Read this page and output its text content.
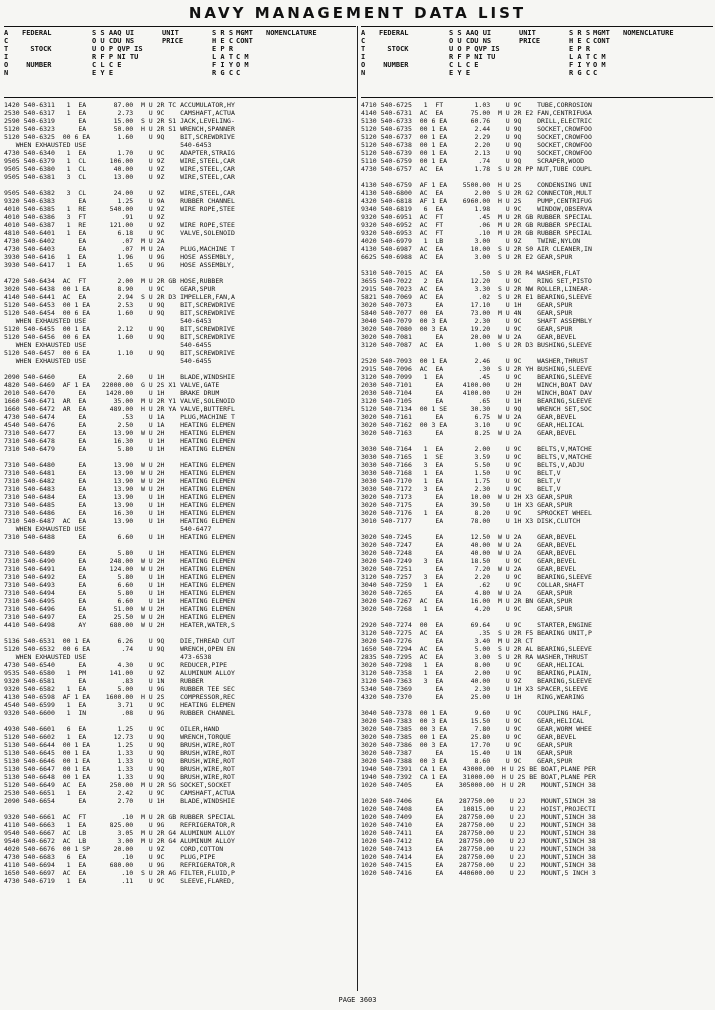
NAVY MANAGEMENT DATA LIST
A
C
T
I
O
N
FEDERAL

STOCK

NUMBER
S S AAQ UI
O U CDU NS
U O P QVP IS
R F P NI TU
C L C E
E Y E
UNIT
PRICE
S R S
H E C
E P R
L A T
F I Y
R G C
MGMT
CONT

C M
O M
C
NOMENCLATURE
1420 540-6311   1  EA       87.00  M U 2R TC ACCUMULATOR,HY
2530 540-6317   1  EA        2.73    U 9C    CAMSHAFT,ACTUA
2590 540-6319      EA       15.00  S U 2R S1 JACK,LEVELING-
5120 540-6323      EA       50.00  H U 2R S1 WRENCH,SPANNER
5120 540-6325  00 6 EA       1.60    U 9Q    BIT,SCREWDRIVE
WHEN EXHAUSTED USE                        540-6453
4730 540-6340   1  EA        1.70    U 9C    ADAPTER,STRAIG
9505 540-6379   1  CL      106.00    U 9Z    WIRE,STEEL,CAR
9505 540-6380   1  CL       40.00    U 9Z    WIRE,STEEL,CAR
9505 540-6381   3  CL       13.00    U 9Z    WIRE,STEEL,CAR
9505 540-6382   3  CL       24.00    U 9Z    WIRE,STEEL,CAR
9320 540-6383      EA        1.25    U 9A    RUBBER CHANNEL
4010 540-6385   1  RE      540.00    U 9Z    WIRE ROPE,STEE
4010 540-6386   3  FT         .91    U 9Z
4010 540-6387   1  RE      121.00    U 9Z    WIRE ROPE,STEE
4810 540-6401   1  EA        6.18    U 9C    VALVE,SOLENOID
4730 540-6402      EA         .07  M U 2A
4730 540-6403      EA         .07  M U 2A    PLUG,MACHINE T
3930 540-6416   1  EA        1.96    U 9G    HOSE ASSEMBLY,
3930 540-6417   1  EA        1.65    U 9G    HOSE ASSEMBLY,
4720 540-6434  AC  FT        2.00  M U 2R GB HOSE,RUBBER
3020 540-6438  00 1 EA       8.90    U 9C    GEAR,SPUR
4140 540-6441  AC  EA        2.94  S U 2R D3 IMPELLER,FAN,A
5120 540-6453  00 1 EA       2.53    U 9Q    BIT,SCREWDRIVE
5120 540-6454  00 6 EA       1.60    U 9Q    BIT,SCREWDRIVE
WHEN EXHAUSTED USE                        540-6453
5120 540-6455  00 1 EA       2.12    U 9Q    BIT,SCREWDRIVE
5120 540-6456  00 6 EA       1.60    U 9Q    BIT,SCREWDRIVE
WHEN EXHAUSTED USE                        540-6455
5120 540-6457  00 6 EA       1.10    U 9Q    BIT,SCREWDRIVE
WHEN EXHAUSTED USE                        540-6455
2090 540-6460      EA        2.60    U 1H    BLADE,WINDSHIE
4820 540-6469  AF 1 EA   22000.00  G U 2S X1 VALVE,GATE
2010 540-6470      EA     1420.00    U 1H    BRAKE DRUM
1660 540-6471  AR  EA       35.00  M U 2R Y1 VALVE,SOLENOID
1660 540-6472  AR  EA      489.00  H U 2R YA VALVE,BUTTERFL
4730 540-6474      EA         .53    U 1A    PLUG,MACHINE T
4540 540-6476      EA        2.50    U 1A    HEATING ELEMEN
7310 540-6477      EA       13.90  W U 2H    HEATING ELEMEN
7310 540-6478      EA       16.30    U 1H    HEATING ELEMEN
7310 540-6479      EA        5.80    U 1H    HEATING ELEMEN
7310 540-6480      EA       13.90  W U 2H    HEATING ELEMEN
7310 540-6481      EA       13.90  W U 2H    HEATING ELEMEN
7310 540-6482      EA       13.90  W U 2H    HEATING ELEMEN
7310 540-6483      EA       13.90  W U 2H    HEATING ELEMEN
7310 540-6484      EA       13.90    U 1H    HEATING ELEMEN
7310 540-6485      EA       13.90    U 1H    HEATING ELEMEN
7310 540-6486      EA       16.30    U 1H    HEATING ELEMEN
7310 540-6487  AC  EA       13.90    U 1H    HEATING ELEMEN
WHEN EXHAUSTED USE                        540-6477
7310 540-6488      EA        6.60    U 1H    HEATING ELEMEN
7310 540-6489      EA        5.80    U 1H    HEATING ELEMEN
7310 540-6490      EA      248.00  W U 2H    HEATING ELEMEN
7310 540-6491      EA      124.00  W U 2H    HEATING ELEMEN
7310 540-6492      EA        5.80    U 1H    HEATING ELEMEN
7310 540-6493      EA        6.60    U 1H    HEATING ELEMEN
7310 540-6494      EA        5.80    U 1H    HEATING ELEMEN
7310 540-6495      EA        6.60    U 1H    HEATING ELEMEN
7310 540-6496      EA       51.00  W U 2H    HEATING ELEMEN
7310 540-6497      EA       25.50  W U 2H    HEATING ELEMEN
4410 540-6498      AY      680.00  W U 2H    HEATER,WATER,S
5136 540-6531  00 1 EA       6.26    U 9Q    DIE,THREAD CUT
5120 540-6532  00 6 EA        .74    U 9Q    WRENCH,OPEN EN
WHEN EXHAUSTED USE                        473-6538
4730 540-6540      EA        4.30    U 9C    REDUCER,PIPE
9535 540-6580   1  PM      141.00    U 9Z    ALUMINUM ALLOY
9320 540-6581      EA         .83    U 1N    RUBBER
9320 540-6582   1  EA        5.00    U 9G    RUBBER TEE SEC
4130 540-6598  AF 1 EA    1600.00  H U 2S    COMPRESSOR,REC
4540 540-6599   1  EA        3.71    U 9C    HEATING ELEMEN
9320 540-6600   1  IN         .08    U 9G    RUBBER CHANNEL
4930 540-6601   6  EA        1.25    U 9C    OILER,HAND
5120 540-6602   1  EA       12.73    U 9Q    WRENCH,TORQUE
5130 540-6644  00 1 EA       1.25    U 9Q    BRUSH,WIRE,ROT
5130 540-6645  00 1 EA       1.33    U 9Q    BRUSH,WIRE,ROT
5130 540-6646  00 1 EA       1.33    U 9Q    BRUSH,WIRE,ROT
5130 540-6647  00 1 EA       1.33    U 9Q    BRUSH,WIRE,ROT
5130 540-6648  00 1 EA       1.33    U 9Q    BRUSH,WIRE,ROT
5120 540-6649  AC  EA      250.00  M U 2R SG SOCKET,SOCKET
2530 540-6651   1  EA        2.42    U 9C    CAMSHAFT,ACTUA
2090 540-6654      EA        2.70    U 1H    BLADE,WINDSHIE
9320 540-6661  AC  FT         .10  M U 2R GB RUBBER SPECIAL
4110 540-6663   1  EA      825.00    U 9G    REFRIGERATOR,R
9540 540-6667  AC  LB        3.05  M U 2R G4 ALUMINUM ALLOY
9540 540-6672  AC  LB        3.00  M U 2R G4 ALUMINUM ALLOY
4020 540-6676  00 1 SP      20.00    U 9Z    CORD,COTTON
4730 540-6683   6  EA         .10    U 9C    PLUG,PIPE
4110 540-6694   1  EA      680.00    U 9G    REFRIGERATOR,R
1650 540-6697  AC  EA         .10  S U 2R AG FILTER,FLUID,P
4730 540-6719   1  EA         .11    U 9C    SLEEVE,FLARED,
A
C
T
I
O
N
FEDERAL

STOCK

NUMBER
S S AAQ UI
O U CDU NS
U O P QVP IS
R F P NI TU
C L C E
E Y E
UNIT
PRICE
S R S
H E C
E P R
L A T
F I Y
R G C
MGMT
CONT

C M
O M
C
NOMENCLATURE
4710 540-6725   1  FT        1.03    U 9C    TUBE,CORROSION
4140 540-6731  AC  EA       75.00  M U 2R E2 FAN,CENTRIFUGA
5130 540-6733  00 6 EA      60.76    U 9Q    DRILL,ELECTRIC
5120 540-6735  00 1 EA       2.44    U 9Q    SOCKET,CROWFOO
5120 540-6737  00 1 EA       2.29    U 9Q    SOCKET,CROWFOO
5120 540-6738  00 1 EA       2.20    U 9Q    SOCKET,CROWFOO
5120 540-6739  00 1 EA       2.13    U 9Q    SOCKET,CROWFOO
5110 540-6759  00 1 EA        .74    U 9Q    SCRAPER,WOOD
4730 540-6757  AC  EA        1.78  S U 2R PP NUT,TUBE COUPL
4130 540-6759  AF 1 EA    5500.00  H U 2S    CONDENSING UNI
4130 540-6800  AC  EA        2.00  S U 2R G2 CONNECTOR,MULT
4320 540-6818  AF 1 EA    6960.00  H U 2S    PUMP,CENTRIFUG
9340 540-6819   6  EA        1.98    U 9C    WINDOW,OBSERVA
9320 540-6951  AC  FT         .45  M U 2R GB RUBBER SPECIAL
9320 540-6952  AC  FT         .06  M U 2R GB RUBBER SPECIAL
9320 540-6953  AC  FT         .10  M U 2R GB RUBBER SPECIAL
4020 540-6979   1  LB        3.00    U 9Z    TWINE,NYLON
4130 540-6987  AC  EA       10.00  S U 2R S0 AIR CLEANER,IN
6625 540-6988  AC  EA        3.00  S U 2R E2 GEAR,SPUR
5310 540-7015  AC  EA         .50  S U 2R R4 WASHER,FLAT
3655 540-7022   2  EA       12.20    U 9C    RING SET,PISTO
2915 540-7023  AC  EA        3.30  S U 2R NW ROLLER,LINEAR-
5821 540-7069  AC  EA         .02  S U 2R E1 BEARING,SLEEVE
3020 540-7073      EA       17.10    U 1H    GEAR,SPUR
5840 540-7077  00  EA       73.00  M U 4N    GEAR,SPUR
3040 540-7079  00 3 EA       2.30    U 9C    SHAFT ASSEMBLY
3020 540-7080  00 3 EA      19.20    U 9C    GEAR,SPUR
3020 540-7081      EA       20.00  W U 2A    GEAR,BEVEL
3120 540-7087  AC  EA        1.00  S U 2R D3 BUSHING,SLEEVE
2520 540-7093  00 1 EA       2.46    U 9C    WASHER,THRUST
2915 540-7096  AC  EA         .30  S U 2R YH BUSHING,SLEEVE
3120 540-7099   1  EA         .45    U 9C    BEARING,SLEEVE
2030 540-7101      EA     4100.00    U 2H    WINCH,BOAT DAV
2030 540-7104      EA     4100.00    U 2H    WINCH,BOAT DAV
3120 540-7105      EA         .65    U 1H    BEARING,SLEEVE
5120 540-7134  00 1 SE      30.30    U 9Q    WRENCH SET,SOC
3020 540-7161      EA        6.75  W U 2A    GEAR,BEVEL
3020 540-7162  00 3 EA       3.10    U 9C    GEAR,HELICAL
3020 540-7163      EA        8.25  W U 2A    GEAR,BEVEL
3030 540-7164   1  EA        2.00    U 9C    BELTS,V,MATCHE
3030 540-7165   1  SE        3.59    U 9C    BELTS,V,MATCHE
3030 540-7166   3  EA        5.50    U 9C    BELTS,V,ADJU
3030 540-7168   1  EA        1.50    U 9C    BELT,V
3030 540-7170   1  EA        1.75    U 9C    BELT,V
3030 540-7172   3  EA        2.30    U 9C    BELT,V
3020 540-7173      EA       10.00  W U 2H X3 GEAR,SPUR
3020 540-7175      EA       39.50    U 1H X3 GEAR,SPUR
3020 540-7176   1  EA        8.20    U 9C    SPROCKET WHEEL
3010 540-7177      EA       78.00    U 1H X3 DISK,CLUTCH
3020 540-7245      EA       12.50  W U 2A    GEAR,BEVEL
3020 540-7247      EA       40.00  W U 2A    GEAR,BEVEL
3020 540-7248      EA       40.00  W U 2A    GEAR,BEVEL
3020 540-7249   3  EA       18.50    U 9C    GEAR,BEVEL
3020 540-7251      EA        7.20  W U 2A    GEAR,BEVEL
3120 540-7257   3  EA        2.20    U 9C    BEARING,SLEEVE
3040 540-7259   1  EA         .62    U 9C    COLLAR,SHAFT
3020 540-7265      EA        4.80  W U 2A    GEAR,SPUR
3020 540-7267  AC  EA       16.00  M U 2R BN GEAR,SPUR
3020 540-7268   1  EA        4.20    U 9C    GEAR,SPUR
2920 540-7274  00  EA       69.64    U 9C    STARTER,ENGINE
3120 540-7275  AC  EA         .35  S U 2R F5 BEARING UNIT,P
3020 540-7276      EA        3.40  M U 2R CT
1650 540-7294  AC  EA        5.00  S U 2R AL BEARING,SLEEVE
2835 540-7295  AC  EA        3.00  S U 2R RA WASHER,THRUST
3020 540-7298   1  EA        8.00    U 9C    GEAR,HELICAL
3120 540-7358   1  EA        2.00    U 9C    BEARING,PLAIN,
3120 540-7363   3  EA       40.00    U 9Z    BEARING,SLEEVE
5340 540-7369      EA        2.30    U 1H X3 SPACER,SLEEVE
4320 540-7370      EA       25.00    U 1H    RING,WEARING
3040 540-7378  00 1 EA       9.60    U 9C    COUPLING HALF,
3020 540-7383  00 3 EA      15.50    U 9C    GEAR,HELICAL
3020 540-7385  00 3 EA       7.80    U 9C    GEAR,WORM WHEE
3020 540-7385  00 1 EA      25.80    U 9C    GEAR,BEVEL
3020 540-7386  00 3 EA      17.70    U 9C    GEAR,SPUR
3020 540-7387      EA       15.40    U 1N    GEAR,SPUR
3020 540-7388  00 3 EA       8.60    U 9C    GEAR,SPUR
1940 540-7391  CA 1 EA    43000.00  H U 2S BE BOAT,PLANE PER
1940 540-7392  CA 1 EA    31000.00  H U 2S BE BOAT,PLANE PER
1020 540-7405      EA    305000.00  H U 2R    MOUNT,5INCH 38
1020 540-7406      EA    287750.00    U 2J    MOUNT,5INCH 38
1020 540-7408      EA     10815.00    U 2J    HOIST,PROJECTI
1020 540-7409      EA    287750.00    U 2J    MOUNT,5INCH 38
1020 540-7410      EA    287750.00    U 2J    MOUNT,5INCH 38
1020 540-7411      EA    287750.00    U 2J    MOUNT,5INCH 38
1020 540-7412      EA    287750.00    U 2J    MOUNT,5INCH 38
1020 540-7413      EA    287750.00    U 2J    MOUNT,5INCH 38
1020 540-7414      EA    287750.00    U 2J    MOUNT,5INCH 38
1020 540-7415      EA    287750.00    U 2J    MOUNT,5INCH 38
1020 540-7416      EA    440600.00    U 2J    MOUNT,5 INCH 3
PAGE 3603
